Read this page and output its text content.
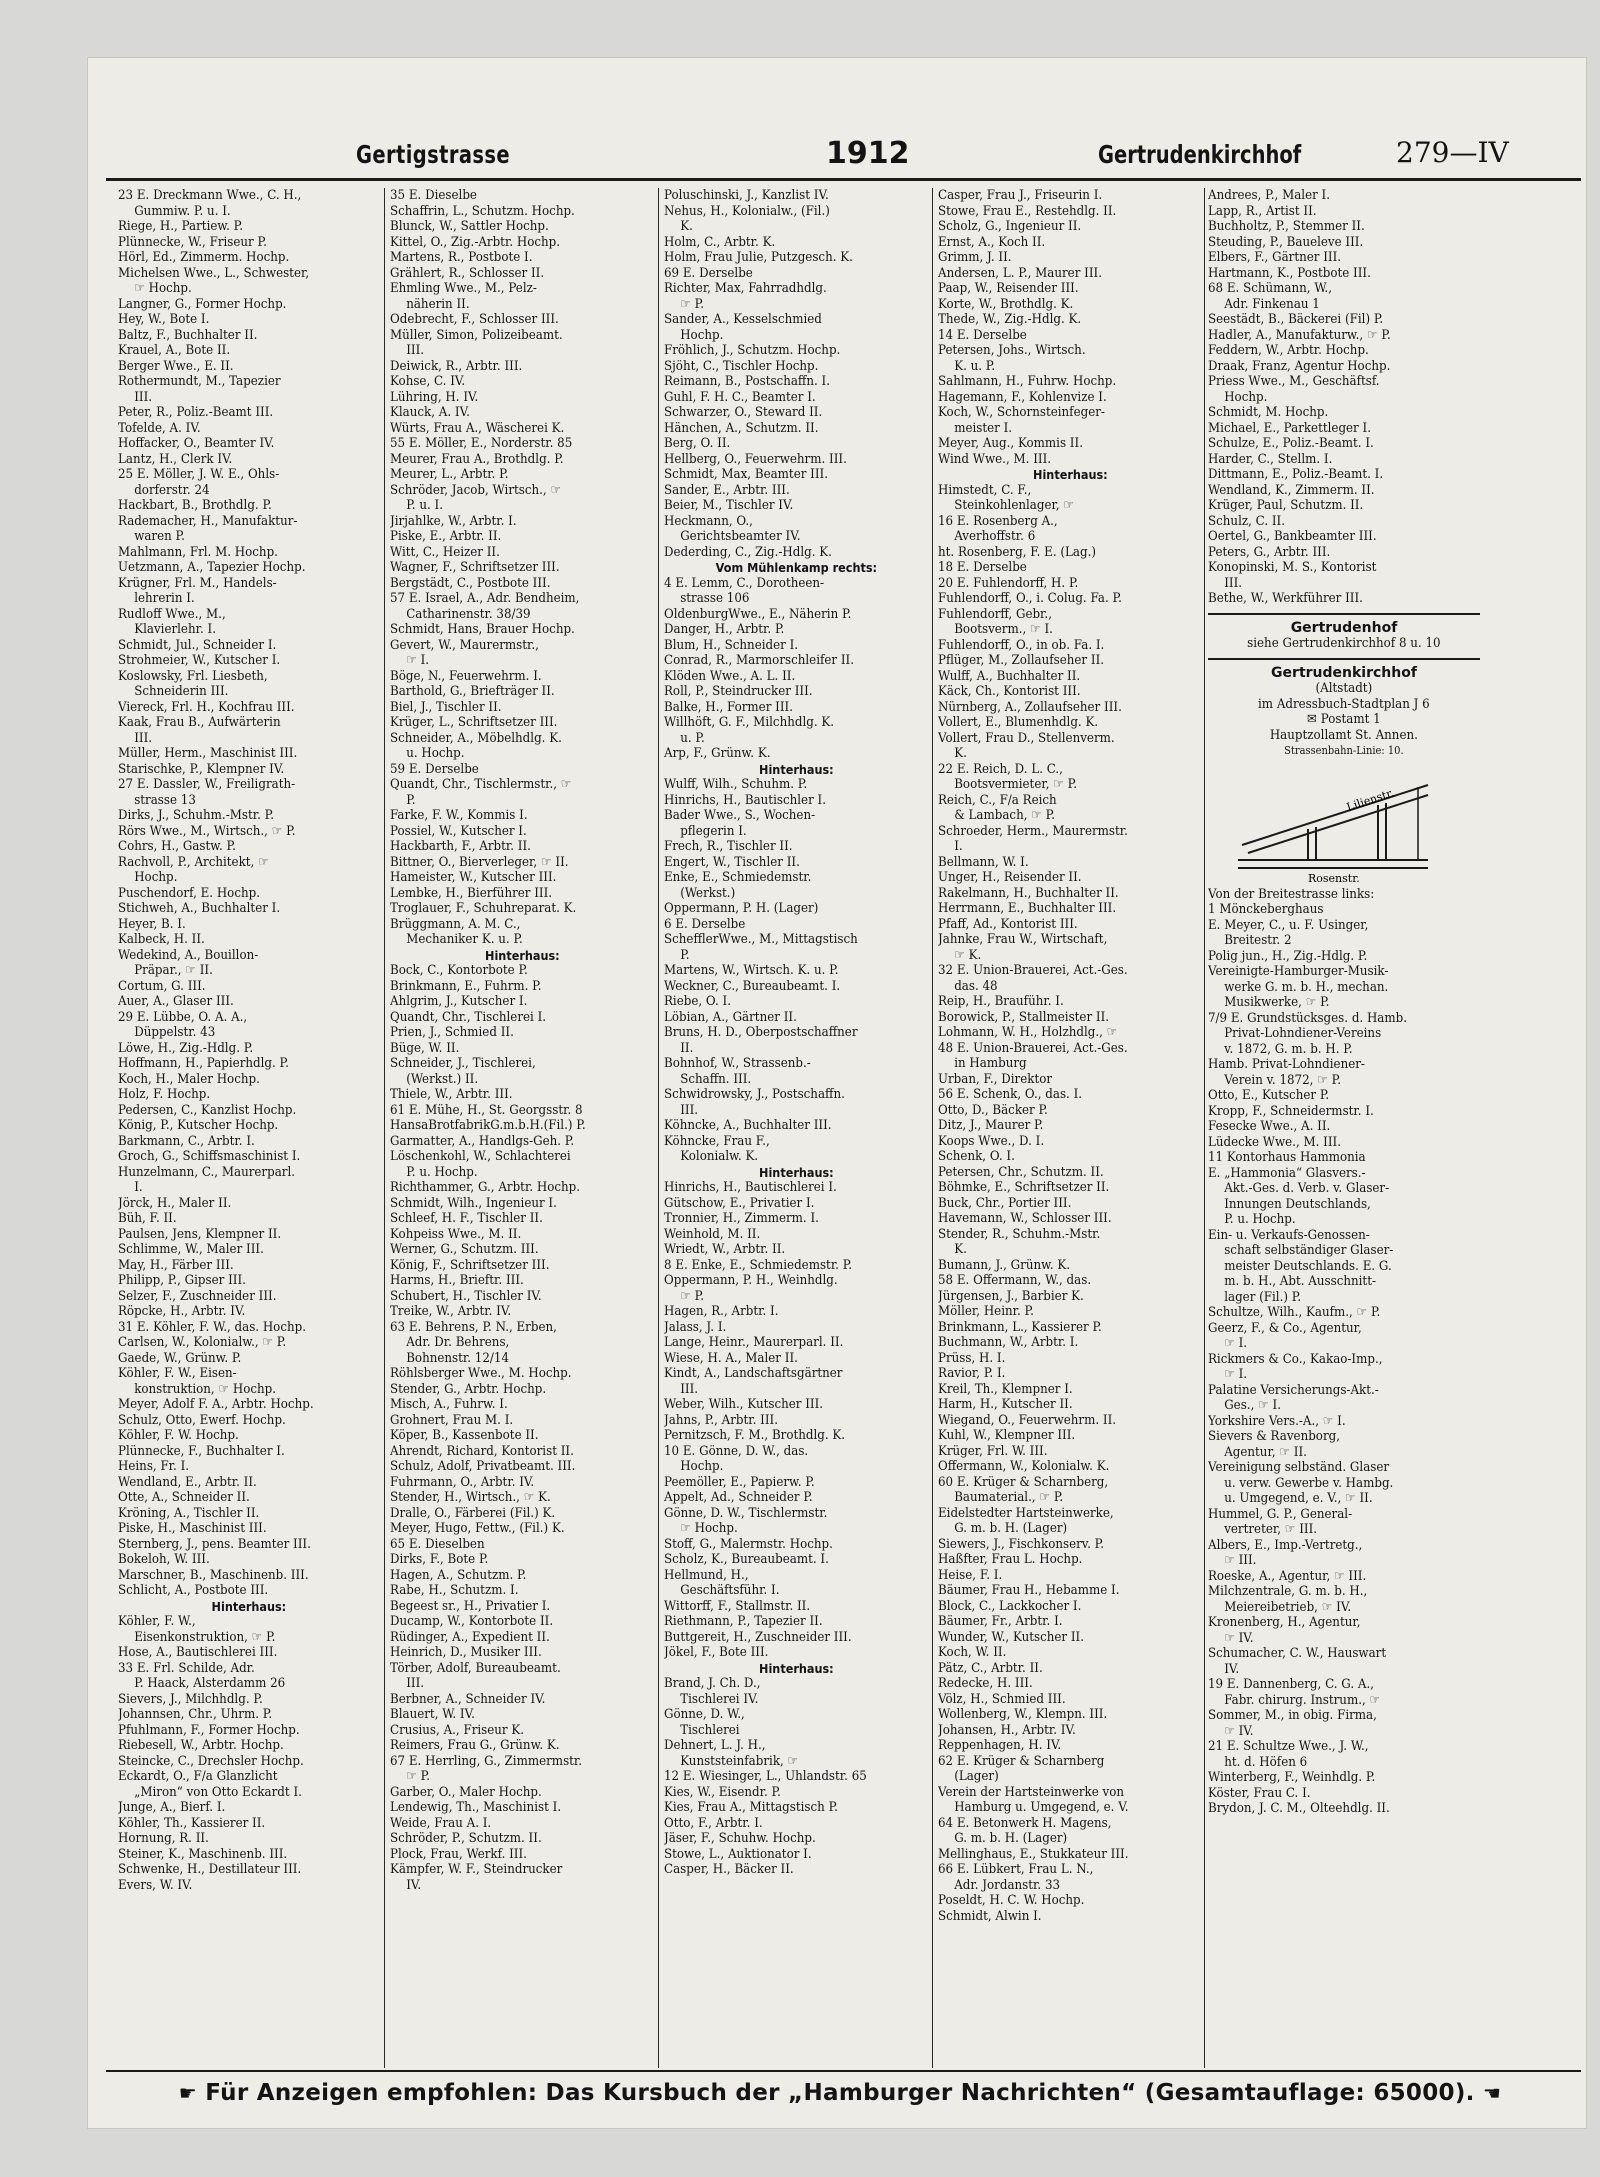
Gertigstrasse	1912	Gertrudenkirchhof	279—IV
23 E. Dreckmann Wwe., C. H.,
Gummiw. P. u. I.
Riege, H., Partiew. P.
Plünnecke, W., Friseur P.
Hörl, Ed., Zimmerm. Hochp.
Michelsen Wwe., L., Schwester,
☞ Hochp.
Langner, G., Former Hochp.
Hey, W., Bote I.
Baltz, F., Buchhalter II.
Krauel, A., Bote II.
Berger Wwe., E. II.
Rothermundt, M., Tapezier
III.
Peter, R., Poliz.-Beamt III.
Tofelde, A. IV.
Hoffacker, O., Beamter IV.
Lantz, H., Clerk IV.
25 E. Möller, J. W. E., Ohls-
dorferstr. 24
Hackbart, B., Brothdlg. P.
Rademacher, H., Manufaktur-
waren P.
Mahlmann, Frl. M. Hochp.
Uetzmann, A., Tapezier Hochp.
Krügner, Frl. M., Handels-
lehrerin I.
Rudloff Wwe., M.,
Klavierlehr. I.
Schmidt, Jul., Schneider I.
Strohmeier, W., Kutscher I.
Koslowsky, Frl. Liesbeth,
Schneiderin III.
Viereck, Frl. H., Kochfrau III.
Kaak, Frau B., Aufwärterin
III.
Müller, Herm., Maschinist III.
Starischke, P., Klempner IV.
27 E. Dassler, W., Freiligrath-
strasse 13
Dirks, J., Schuhm.-Mstr. P.
Rörs Wwe., M., Wirtsch., ☞ P.
Cohrs, H., Gastw. P.
Rachvoll, P., Architekt, ☞
Hochp.
Puschendorf, E. Hochp.
Stichweh, A., Buchhalter I.
Heyer, B. I.
Kalbeck, H. II.
Wedekind, A., Bouillon-
Präpar., ☞ II.
Cortum, G. III.
Auer, A., Glaser III.
29 E. Lübbe, O. A. A.,
Düppelstr. 43
Löwe, H., Zig.-Hdlg. P.
Hoffmann, H., Papierhdlg. P.
Koch, H., Maler Hochp.
Holz, F. Hochp.
Pedersen, C., Kanzlist Hochp.
König, P., Kutscher Hochp.
Barkmann, C., Arbtr. I.
Groch, G., Schiffsmaschinist I.
Hunzelmann, C., Maurerparl.
I.
Jörck, H., Maler II.
Büh, F. II.
Paulsen, Jens, Klempner II.
Schlimme, W., Maler III.
May, H., Färber III.
Philipp, P., Gipser III.
Selzer, F., Zuschneider III.
Röpcke, H., Arbtr. IV.
31 E. Köhler, F. W., das. Hochp.
Carlsen, W., Kolonialw., ☞ P.
Gaede, W., Grünw. P.
Köhler, F. W., Eisen-
konstruktion, ☞ Hochp.
Meyer, Adolf F. A., Arbtr. Hochp.
Schulz, Otto, Ewerf. Hochp.
Köhler, F. W. Hochp.
Plünnecke, F., Buchhalter I.
Heins, Fr. I.
Wendland, E., Arbtr. II.
Otte, A., Schneider II.
Kröning, A., Tischler II.
Piske, H., Maschinist III.
Sternberg, J., pens. Beamter III.
Bokeloh, W. III.
Marschner, B., Maschinenb. III.
Schlicht, A., Postbote III.
Hinterhaus:
Köhler, F. W.,
Eisenkonstruktion, ☞ P.
Hose, A., Bautischlerei III.
33 E. Frl. Schilde, Adr.
P. Haack, Alsterdamm 26
Sievers, J., Milchhdlg. P.
Johannsen, Chr., Uhrm. P.
Pfuhlmann, F., Former Hochp.
Riebesell, W., Arbtr. Hochp.
Steincke, C., Drechsler Hochp.
Eckardt, O., F/a Glanzlicht
„Miron“ von Otto Eckardt I.
Junge, A., Bierf. I.
Köhler, Th., Kassierer II.
Hornung, R. II.
Steiner, K., Maschinenb. III.
Schwenke, H., Destillateur III.
Evers, W. IV.
35 E. Dieselbe
Schaffrin, L., Schutzm. Hochp.
Blunck, W., Sattler Hochp.
Kittel, O., Zig.-Arbtr. Hochp.
Martens, R., Postbote I.
Grählert, R., Schlosser II.
Ehmling Wwe., M., Pelz-
näherin II.
Odebrecht, F., Schlosser III.
Müller, Simon, Polizeibeamt.
III.
Deiwick, R., Arbtr. III.
Kohse, C. IV.
Lühring, H. IV.
Klauck, A. IV.
Würts, Frau A., Wäscherei K.
55 E. Möller, E., Norderstr. 85
Meurer, Frau A., Brothdlg. P.
Meurer, L., Arbtr. P.
Schröder, Jacob, Wirtsch., ☞
P. u. I.
Jirjahlke, W., Arbtr. I.
Piske, E., Arbtr. II.
Witt, C., Heizer II.
Wagner, F., Schriftsetzer III.
Bergstädt, C., Postbote III.
57 E. Israel, A., Adr. Bendheim,
Catharinenstr. 38/39
Schmidt, Hans, Brauer Hochp.
Gevert, W., Maurermstr.,
☞ I.
Böge, N., Feuerwehrm. I.
Barthold, G., Briefträger II.
Biel, J., Tischler II.
Krüger, L., Schriftsetzer III.
Schneider, A., Möbelhdlg. K.
u. Hochp.
59 E. Derselbe
Quandt, Chr., Tischlermstr., ☞
P.
Farke, F. W., Kommis I.
Possiel, W., Kutscher I.
Hackbarth, F., Arbtr. II.
Bittner, O., Bierverleger, ☞ II.
Hameister, W., Kutscher III.
Lembke, H., Bierführer III.
Troglauer, F., Schuhreparat. K.
Brüggmann, A. M. C.,
Mechaniker K. u. P.
Hinterhaus:
Bock, C., Kontorbote P.
Brinkmann, E., Fuhrm. P.
Ahlgrim, J., Kutscher I.
Quandt, Chr., Tischlerei I.
Prien, J., Schmied II.
Büge, W. II.
Schneider, J., Tischlerei,
(Werkst.) II.
Thiele, W., Arbtr. III.
61 E. Mühe, H., St. Georgsstr. 8
HansaBrotfabrikG.m.b.H.(Fil.) P.
Garmatter, A., Handlgs-Geh. P.
Löschenkohl, W., Schlachterei
P. u. Hochp.
Richthammer, G., Arbtr. Hochp.
Schmidt, Wilh., Ingenieur I.
Schleef, H. F., Tischler II.
Kohpeiss Wwe., M. II.
Werner, G., Schutzm. III.
König, F., Schriftsetzer III.
Harms, H., Brieftr. III.
Schubert, H., Tischler IV.
Treike, W., Arbtr. IV.
63 E. Behrens, P. N., Erben,
Adr. Dr. Behrens,
Bohnenstr. 12/14
Röhlsberger Wwe., M. Hochp.
Stender, G., Arbtr. Hochp.
Misch, A., Fuhrw. I.
Grohnert, Frau M. I.
Köper, B., Kassenbote II.
Ahrendt, Richard, Kontorist II.
Schulz, Adolf, Privatbeamt. III.
Fuhrmann, O., Arbtr. IV.
Stender, H., Wirtsch., ☞ K.
Dralle, O., Färberei (Fil.) K.
Meyer, Hugo, Fettw., (Fil.) K.
65 E. Dieselben
Dirks, F., Bote P.
Hagen, A., Schutzm. P.
Rabe, H., Schutzm. I.
Begeest sr., H., Privatier I.
Ducamp, W., Kontorbote II.
Rüdinger, A., Expedient II.
Heinrich, D., Musiker III.
Törber, Adolf, Bureaubeamt.
III.
Berbner, A., Schneider IV.
Blauert, W. IV.
Crusius, A., Friseur K.
Reimers, Frau G., Grünw. K.
67 E. Herrling, G., Zimmermstr.
☞ P.
Garber, O., Maler Hochp.
Lendewig, Th., Maschinist I.
Weide, Frau A. I.
Schröder, P., Schutzm. II.
Plock, Frau, Werkf. III.
Kämpfer, W. F., Steindrucker
IV.
Poluschinski, J., Kanzlist IV.
Nehus, H., Kolonialw., (Fil.)
K.
Holm, C., Arbtr. K.
Holm, Frau Julie, Putzgesch. K.
69 E. Derselbe
Richter, Max, Fahrradhdlg.
☞ P.
Sander, A., Kesselschmied
Hochp.
Fröhlich, J., Schutzm. Hochp.
Sjöht, C., Tischler Hochp.
Reimann, B., Postschaffn. I.
Guhl, F. H. C., Beamter I.
Schwarzer, O., Steward II.
Hänchen, A., Schutzm. II.
Berg, O. II.
Hellberg, O., Feuerwehrm. III.
Schmidt, Max, Beamter III.
Sander, E., Arbtr. III.
Beier, M., Tischler IV.
Heckmann, O.,
Gerichtsbeamter IV.
Dederding, C., Zig.-Hdlg. K.
Vom Mühlenkamp rechts:
4 E. Lemm, C., Dorotheen-
strasse 106
OldenburgWwe., E., Näherin P.
Danger, H., Arbtr. P.
Blum, H., Schneider I.
Conrad, R., Marmorschleifer II.
Klöden Wwe., A. L. II.
Roll, P., Steindrucker III.
Balke, H., Former III.
Willhöft, G. F., Milchhdlg. K.
u. P.
Arp, F., Grünw. K.
Hinterhaus:
Wulff, Wilh., Schuhm. P.
Hinrichs, H., Bautischler I.
Bader Wwe., S., Wochen-
pflegerin I.
Frech, R., Tischler II.
Engert, W., Tischler II.
Enke, E., Schmiedemstr.
(Werkst.)
Oppermann, P. H. (Lager)
6 E. Derselbe
SchefflerWwe., M., Mittagstisch
P.
Martens, W., Wirtsch. K. u. P.
Weckner, C., Bureaubeamt. I.
Riebe, O. I.
Löbian, A., Gärtner II.
Bruns, H. D., Oberpostschaffner
II.
Bohnhof, W., Strassenb.-
Schaffn. III.
Schwidrowsky, J., Postschaffn.
III.
Köhncke, A., Buchhalter III.
Köhncke, Frau F.,
Kolonialw. K.
Hinterhaus:
Hinrichs, H., Bautischlerei I.
Gütschow, E., Privatier I.
Tronnier, H., Zimmerm. I.
Weinhold, M. II.
Wriedt, W., Arbtr. II.
8 E. Enke, E., Schmiedemstr. P.
Oppermann, P. H., Weinhdlg.
☞ P.
Hagen, R., Arbtr. I.
Jalass, J. I.
Lange, Heinr., Maurerparl. II.
Wiese, H. A., Maler II.
Kindt, A., Landschaftsgärtner
III.
Weber, Wilh., Kutscher III.
Jahns, P., Arbtr. III.
Pernitzsch, F. M., Brothdlg. K.
10 E. Gönne, D. W., das.
Hochp.
Peemöller, E., Papierw. P.
Appelt, Ad., Schneider P.
Gönne, D. W., Tischlermstr.
☞ Hochp.
Stoff, G., Malermstr. Hochp.
Scholz, K., Bureaubeamt. I.
Hellmund, H.,
Geschäftsführ. I.
Wittorff, F., Stallmstr. II.
Riethmann, P., Tapezier II.
Buttgereit, H., Zuschneider III.
Jökel, F., Bote III.
Hinterhaus:
Brand, J. Ch. D.,
Tischlerei IV.
Gönne, D. W.,
Tischlerei
Dehnert, L. J. H.,
Kunststeinfabrik, ☞
12 E. Wiesinger, L., Uhlandstr. 65
Kies, W., Eisendr. P.
Kies, Frau A., Mittagstisch P.
Otto, F., Arbtr. I.
Jäser, F., Schuhw. Hochp.
Stowe, L., Auktionator I.
Casper, H., Bäcker II.
Casper, Frau J., Friseurin I.
Stowe, Frau E., Restehdlg. II.
Scholz, G., Ingenieur II.
Ernst, A., Koch II.
Grimm, J. II.
Andersen, L. P., Maurer III.
Paap, W., Reisender III.
Korte, W., Brothdlg. K.
Thede, W., Zig.-Hdlg. K.
14 E. Derselbe
Petersen, Johs., Wirtsch.
K. u. P.
Sahlmann, H., Fuhrw. Hochp.
Hagemann, F., Kohlenvize I.
Koch, W., Schornsteinfeger-
meister I.
Meyer, Aug., Kommis II.
Wind Wwe., M. III.
Hinterhaus:
Himstedt, C. F.,
Steinkohlenlager, ☞
16 E. Rosenberg A.,
Averhoffstr. 6
ht. Rosenberg, F. E. (Lag.)
18 E. Derselbe
20 E. Fuhlendorff, H. P.
Fuhlendorff, O., i. Colug. Fa. P.
Fuhlendorff, Gebr.,
Bootsverm., ☞ I.
Fuhlendorff, O., in ob. Fa. I.
Pflüger, M., Zollaufseher II.
Wulff, A., Buchhalter II.
Käck, Ch., Kontorist III.
Nürnberg, A., Zollaufseher III.
Vollert, E., Blumenhdlg. K.
Vollert, Frau D., Stellenverm.
K.
22 E. Reich, D. L. C.,
Bootsvermieter, ☞ P.
Reich, C., F/a Reich
& Lambach, ☞ P.
Schroeder, Herm., Maurermstr.
I.
Bellmann, W. I.
Unger, H., Reisender II.
Rakelmann, H., Buchhalter II.
Herrmann, E., Buchhalter III.
Pfaff, Ad., Kontorist III.
Jahnke, Frau W., Wirtschaft,
☞ K.
32 E. Union-Brauerei, Act.-Ges.
das. 48
Reip, H., Brauführ. I.
Borowick, P., Stallmeister II.
Lohmann, W. H., Holzhdlg., ☞
48 E. Union-Brauerei, Act.-Ges.
in Hamburg
Urban, F., Direktor
56 E. Schenk, O., das. I.
Otto, D., Bäcker P.
Ditz, J., Maurer P.
Koops Wwe., D. I.
Schenk, O. I.
Petersen, Chr., Schutzm. II.
Böhmke, E., Schriftsetzer II.
Buck, Chr., Portier III.
Havemann, W., Schlosser III.
Stender, R., Schuhm.-Mstr.
K.
Bumann, J., Grünw. K.
58 E. Offermann, W., das.
Jürgensen, J., Barbier K.
Möller, Heinr. P.
Brinkmann, L., Kassierer P.
Buchmann, W., Arbtr. I.
Prüss, H. I.
Ravior, P. I.
Kreil, Th., Klempner I.
Harm, H., Kutscher II.
Wiegand, O., Feuerwehrm. II.
Kuhl, W., Klempner III.
Krüger, Frl. W. III.
Offermann, W., Kolonialw. K.
60 E. Krüger & Scharnberg,
Baumaterial., ☞ P.
Eidelstedter Hartsteinwerke,
G. m. b. H. (Lager)
Siewers, J., Fischkonserv. P.
Haßfter, Frau L. Hochp.
Heise, F. I.
Bäumer, Frau H., Hebamme I.
Block, C., Lackkocher I.
Bäumer, Fr., Arbtr. I.
Wunder, W., Kutscher II.
Koch, W. II.
Pätz, C., Arbtr. II.
Redecke, H. III.
Völz, H., Schmied III.
Wollenberg, W., Klempn. III.
Johansen, H., Arbtr. IV.
Reppenhagen, H. IV.
62 E. Krüger & Scharnberg
(Lager)
Verein der Hartsteinwerke von
Hamburg u. Umgegend, e. V.
64 E. Betonwerk H. Magens,
G. m. b. H. (Lager)
Mellinghaus, E., Stukkateur III.
66 E. Lübkert, Frau L. N.,
Adr. Jordanstr. 33
Poseldt, H. C. W. Hochp.
Schmidt, Alwin I.
Andrees, P., Maler I.
Lapp, R., Artist II.
Buchholtz, P., Stemmer II.
Steuding, P., Baueleve III.
Elbers, F., Gärtner III.
Hartmann, K., Postbote III.
68 E. Schümann, W.,
Adr. Finkenau 1
Seestädt, B., Bäckerei (Fil) P.
Hadler, A., Manufakturw., ☞ P.
Feddern, W., Arbtr. Hochp.
Draak, Franz, Agentur Hochp.
Priess Wwe., M., Geschäftsf.
Hochp.
Schmidt, M. Hochp.
Michael, E., Parkettleger I.
Schulze, E., Poliz.-Beamt. I.
Harder, C., Stellm. I.
Dittmann, E., Poliz.-Beamt. I.
Wendland, K., Zimmerm. II.
Krüger, Paul, Schutzm. II.
Schulz, C. II.
Oertel, G., Bankbeamter III.
Peters, G., Arbtr. III.
Konopinski, M. S., Kontorist
III.
Bethe, W., Werkführer III.
Gertrudenhof
siehe Gertrudenkirchhof 8 u. 10
Gertrudenkirchhof
(Altstadt)
im Adressbuch-Stadtplan J 6
✉ Postamt 1
Hauptzollamt St. Annen.
Strassenbahn-Linie: 10.
Lilienstr.
Rosenstr.
Von der Breitestrasse links:
1 Mönckeberghaus
E. Meyer, C., u. F. Usinger,
Breitestr. 2
Polig jun., H., Zig.-Hdlg. P.
Vereinigte-Hamburger-Musik-
werke G. m. b. H., mechan.
Musikwerke, ☞ P.
7/9 E. Grundstücksges. d. Hamb.
Privat-Lohndiener-Vereins
v. 1872, G. m. b. H. P.
Hamb. Privat-Lohndiener-
Verein v. 1872, ☞ P.
Otto, E., Kutscher P.
Kropp, F., Schneidermstr. I.
Fesecke Wwe., A. II.
Lüdecke Wwe., M. III.
11 Kontorhaus Hammonia
E. „Hammonia“ Glasvers.-
Akt.-Ges. d. Verb. v. Glaser-
Innungen Deutschlands,
P. u. Hochp.
Ein- u. Verkaufs-Genossen-
schaft selbständiger Glaser-
meister Deutschlands. E. G.
m. b. H., Abt. Ausschnitt-
lager (Fil.) P.
Schultze, Wilh., Kaufm., ☞ P.
Geerz, F., & Co., Agentur,
☞ I.
Rickmers & Co., Kakao-Imp.,
☞ I.
Palatine Versicherungs-Akt.-
Ges., ☞ I.
Yorkshire Vers.-A., ☞ I.
Sievers & Ravenborg,
Agentur, ☞ II.
Vereinigung selbständ. Glaser
u. verw. Gewerbe v. Hambg.
u. Umgegend, e. V., ☞ II.
Hummel, G. P., General-
vertreter, ☞ III.
Albers, E., Imp.-Vertretg.,
☞ III.
Roeske, A., Agentur, ☞ III.
Milchzentrale, G. m. b. H.,
Meiereibetrieb, ☞ IV.
Kronenberg, H., Agentur,
☞ IV.
Schumacher, C. W., Hauswart
IV.
19 E. Dannenberg, C. G. A.,
Fabr. chirurg. Instrum., ☞
Sommer, M., in obig. Firma,
☞ IV.
21 E. Schultze Wwe., J. W.,
ht. d. Höfen 6
Winterberg, F., Weinhdlg. P.
Köster, Frau C. I.
Brydon, J. C. M., Ölteehdlg. II.
☛ Für Anzeigen empfohlen: Das Kursbuch der „Hamburger Nachrichten“ (Gesamtauflage: 65000). ☚
